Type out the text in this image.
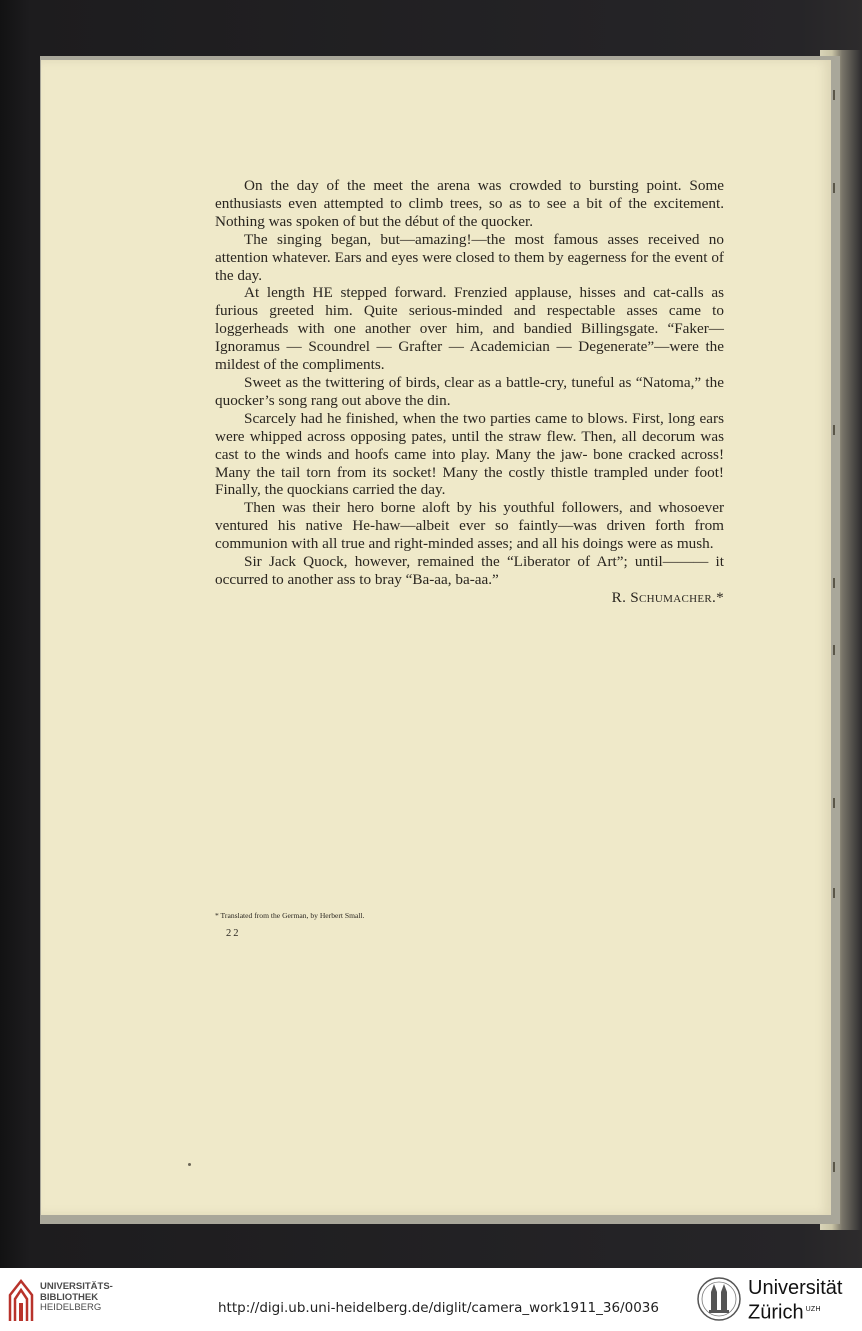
On the day of the meet the arena was crowded to bursting point. Some enthusiasts even attempted to climb trees, so as to see a bit of the excitement. Nothing was spoken of but the début of the quocker.

The singing began, but—amazing!—the most famous asses received no attention whatever. Ears and eyes were closed to them by eagerness for the event of the day.

At length HE stepped forward. Frenzied applause, hisses and cat-calls as furious greeted him. Quite serious-minded and respectable asses came to loggerheads with one another over him, and bandied Billingsgate. “Faker— Ignoramus — Scoundrel — Grafter — Academician — Degenerate”—were the mildest of the compliments.

Sweet as the twittering of birds, clear as a battle-cry, tuneful as “Natoma,” the quocker’s song rang out above the din.

Scarcely had he finished, when the two parties came to blows. First, long ears were whipped across opposing pates, until the straw flew. Then, all decorum was cast to the winds and hoofs came into play. Many the jaw- bone cracked across! Many the tail torn from its socket! Many the costly thistle trampled under foot! Finally, the quockians carried the day.

Then was their hero borne aloft by his youthful followers, and whosoever ventured his native He-haw—albeit ever so faintly—was driven forth from communion with all true and right-minded asses; and all his doings were as mush.

Sir Jack Quock, however, remained the “Liberator of Art”; until——— it occurred to another ass to bray “Ba-aa, ba-aa.”

R. Schumacher.*

* Translated from the German, by Herbert Small.
22
UNIVERSITÄTS-
BIBLIOTHEK
HEIDELBERG	http://digi.ub.uni-heidelberg.de/diglit/camera_work1911_36/0036
Universität
Zürich $^{UZH}$
